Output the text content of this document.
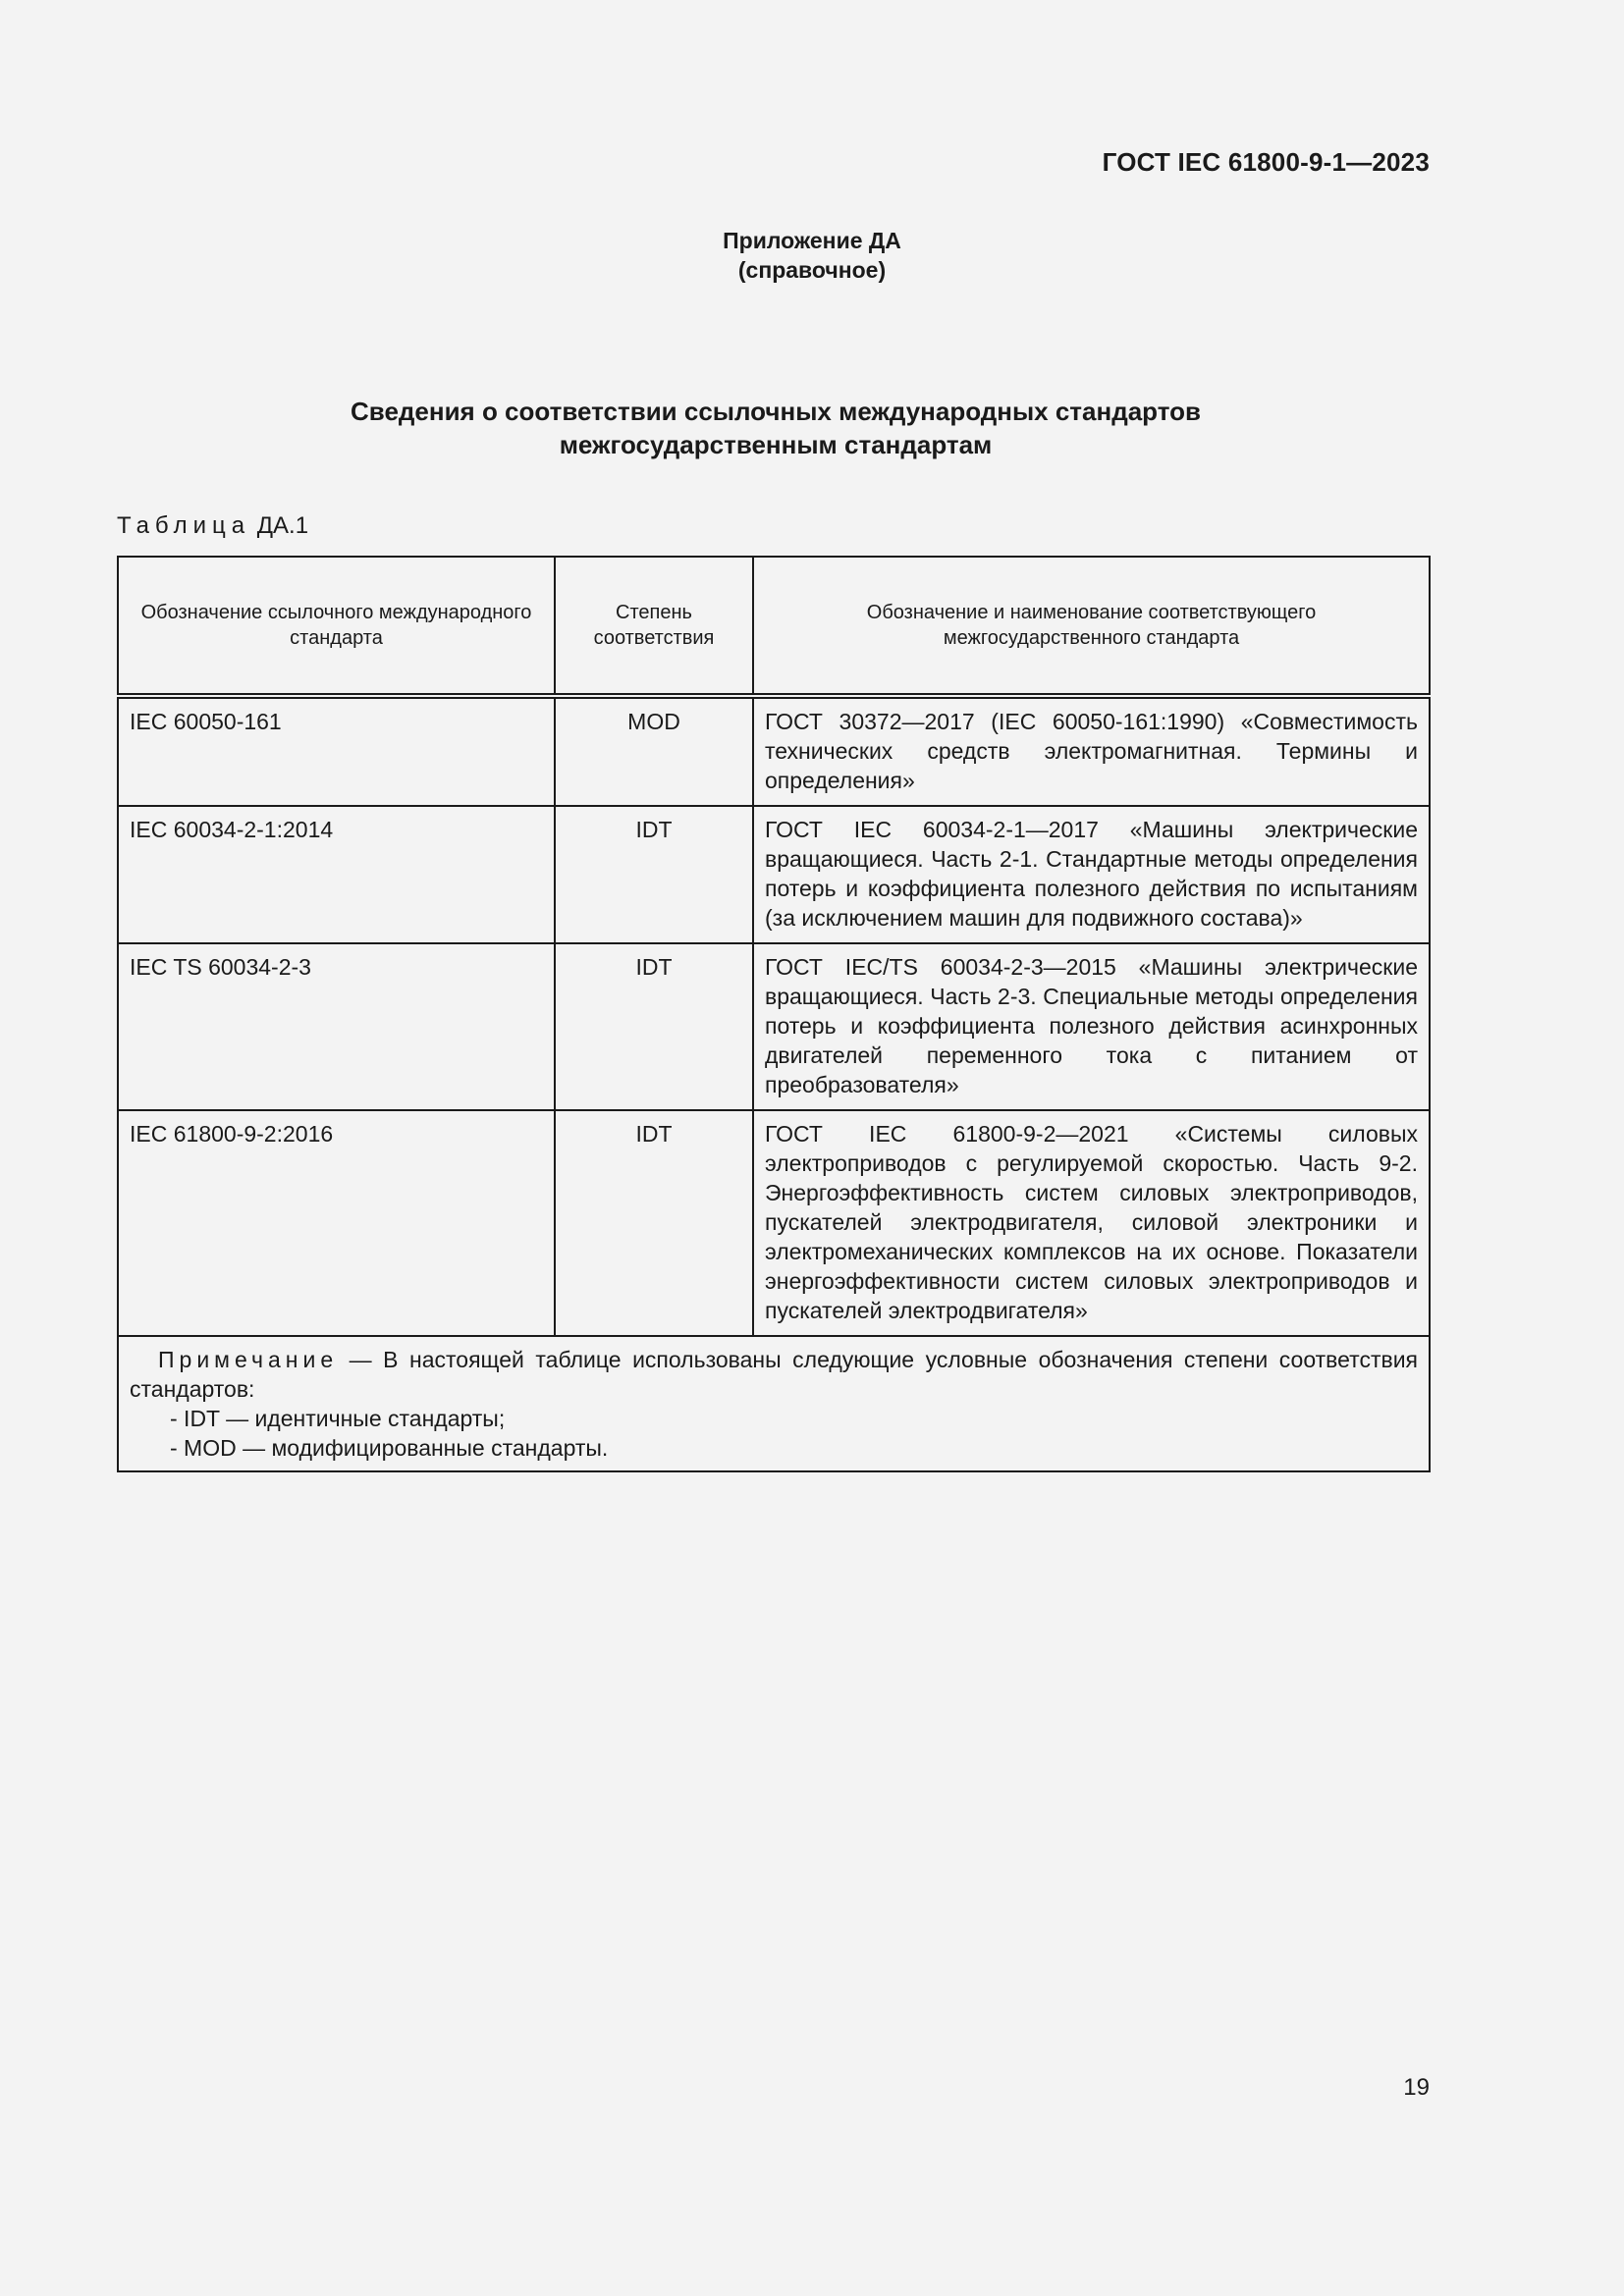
ГОСТ IEC 61800-9-1—2023
Приложение ДА
(справочное)
Сведения о соответствии ссылочных международных стандартов
межгосударственным стандартам
Таблица ДА.1
Обозначение ссылочного международного стандарта	Степень соответствия	Обозначение и наименование соответствующего межгосударственного стандарта
IEC 60050-161	MOD	ГОСТ 30372—2017 (IEC 60050-161:1990) «Совместимость технических средств электромагнитная. Термины и определения»
IEC 60034-2-1:2014	IDT	ГОСТ IEC 60034-2-1—2017 «Машины электрические вращающиеся. Часть 2-1. Стандартные методы определения потерь и коэффициента полезного действия по испытаниям (за исключением машин для подвижного состава)»
IEC TS 60034-2-3	IDT	ГОСТ IEC/TS 60034-2-3—2015 «Машины электрические вращающиеся. Часть 2-3. Специальные методы определения потерь и коэффициента полезного действия асинхронных двигателей переменного тока с питанием от преобразователя»
IEC 61800-9-2:2016	IDT	ГОСТ IEC 61800-9-2—2021 «Системы силовых электроприводов с регулируемой скоростью. Часть 9-2. Энергоэффективность систем силовых электроприводов, пускателей электродвигателя, силовой электроники и электромеханических комплексов на их основе. Показатели энергоэффективности систем силовых электроприводов и пускателей электродвигателя»

Примечание — В настоящей таблице использованы следующие условные обозначения степени соответствия стандартов:
- IDT — идентичные стандарты;
- MOD — модифицированные стандарты.		
19
